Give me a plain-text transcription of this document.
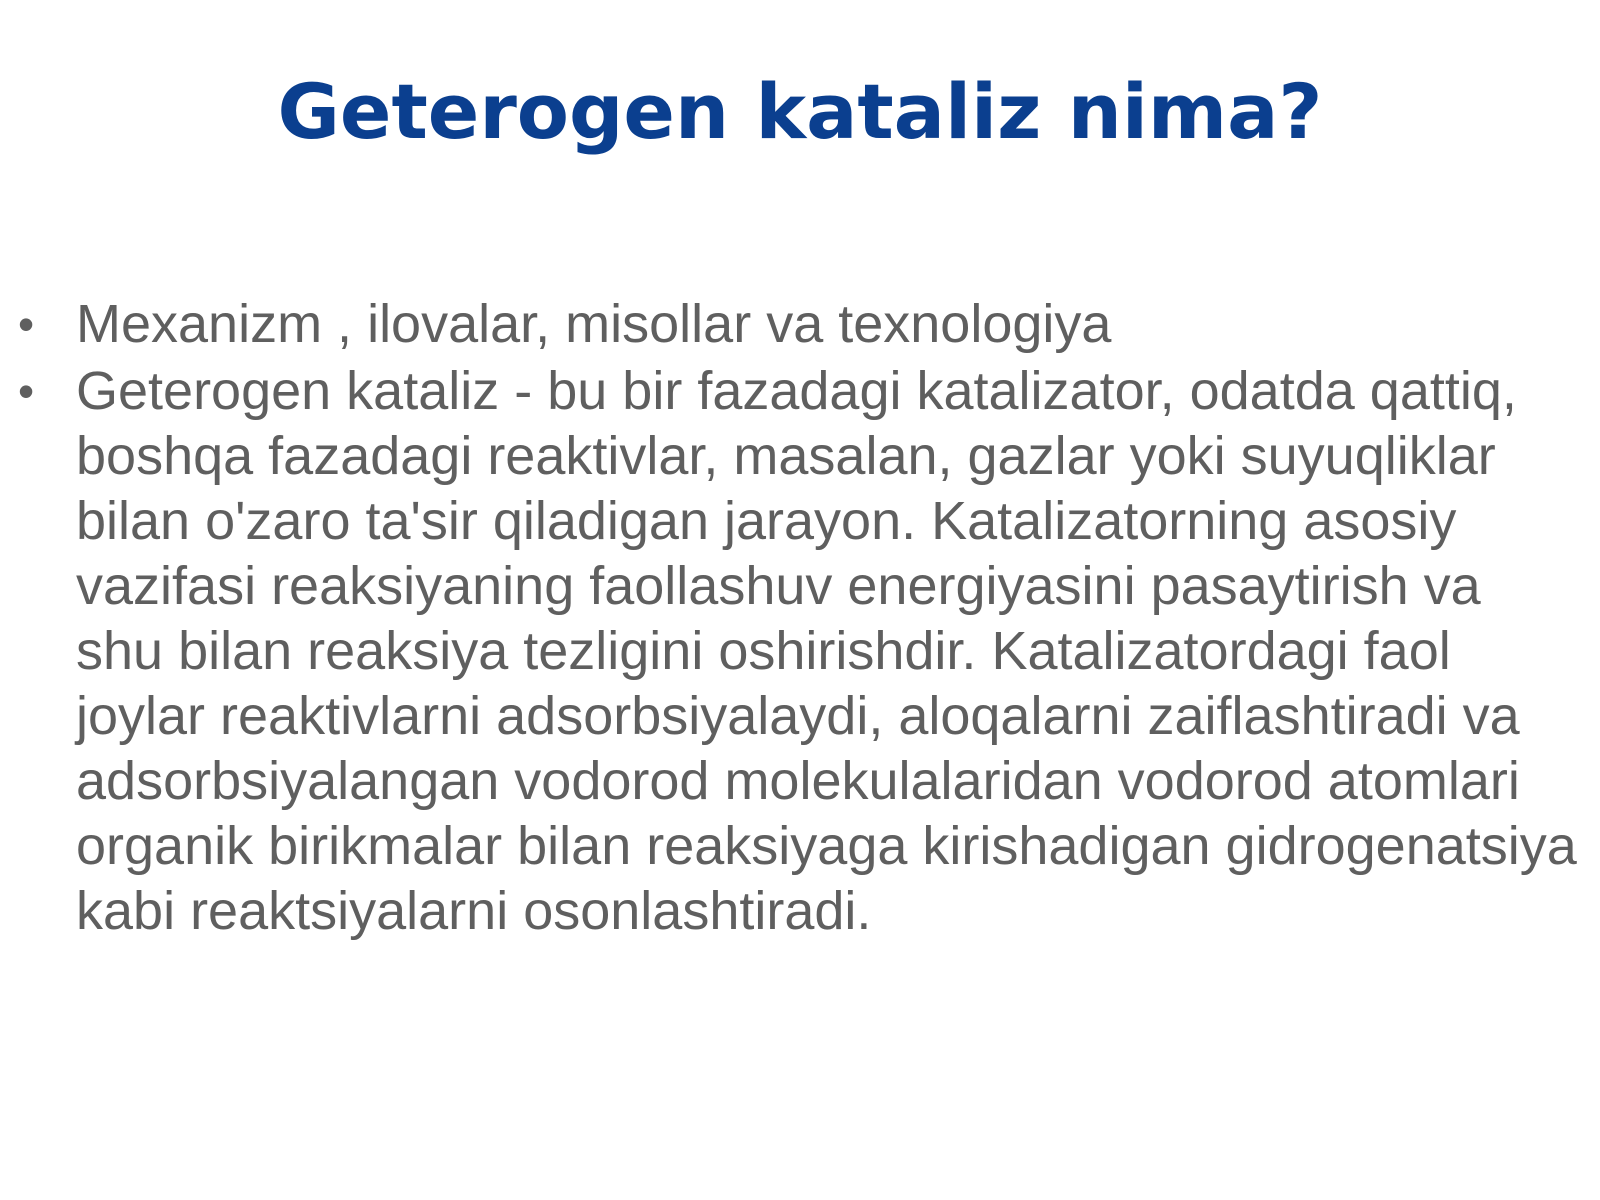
Geterogen kataliz nima?
• Mexanizm , ilovalar, misollar va texnologiya
• Geterogen kataliz - bu bir fazadagi katalizator, odatda qattiq, boshqa fazadagi reaktivlar, masalan, gazlar yoki suyuqliklar bilan o'zaro ta'sir qiladigan jarayon. Katalizatorning asosiy vazifasi reaksiyaning faollashuv energiyasini pasaytirish va shu bilan reaksiya tezligini oshirishdir. Katalizatordagi faol joylar reaktivlarni adsorbsiyalaydi, aloqalarni zaiflashtiradi va adsorbsiyalangan vodorod molekulalaridan vodorod atomlari organik birikmalar bilan reaksiyaga kirishadigan gidrogenatsiya kabi reaktsiyalarni osonlashtiradi.
